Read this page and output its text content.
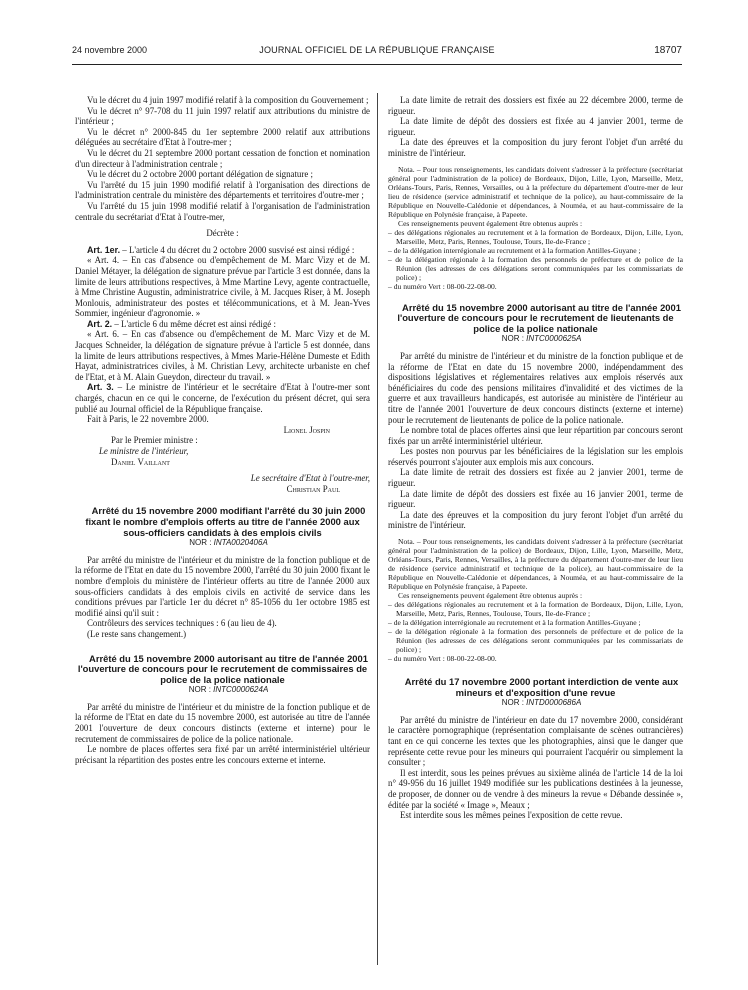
24 novembre 2000	JOURNAL OFFICIEL DE LA RÉPUBLIQUE FRANÇAISE	18707

Vu le décret du 4 juin 1997 modifié relatif à la composition du Gouvernement ;

Vu le décret n° 97-708 du 11 juin 1997 relatif aux attributions du ministre de l'intérieur ;

Vu le décret n° 2000-845 du 1er septembre 2000 relatif aux attributions déléguées au secrétaire d'Etat à l'outre-mer ;

Vu le décret du 21 septembre 2000 portant cessation de fonction et nomination d'un directeur à l'administration centrale ;

Vu le décret du 2 octobre 2000 portant délégation de signature ;

Vu l'arrêté du 15 juin 1990 modifié relatif à l'organisation des directions de l'administration centrale du ministère des départements et territoires d'outre-mer ;

Vu l'arrêté du 15 juin 1998 modifié relatif à l'organisation de l'administration centrale du secrétariat d'Etat à l'outre-mer,

Décrète :

Art. 1er. – L'article 4 du décret du 2 octobre 2000 susvisé est ainsi rédigé :

« Art. 4. – En cas d'absence ou d'empêchement de M. Marc Vizy et de M. Daniel Métayer, la délégation de signature prévue par l'article 3 est donnée, dans la limite de leurs attributions respectives, à Mme Martine Levy, agente contractuelle, à Mme Christine Augustin, administratrice civile, à M. Jacques Riser, à M. Joseph Monlouis, administrateur des postes et télécommunications, et à M. Jean-Yves Sommier, ingénieur d'agronomie. »

Art. 2. – L'article 6 du même décret est ainsi rédigé :

« Art. 6. – En cas d'absence ou d'empêchement de M. Marc Vizy et de M. Jacques Schneider, la délégation de signature prévue à l'article 5 est donnée, dans la limite de leurs attributions respectives, à Mmes Marie-Hélène Dumeste et Edith Hayat, administratrices civiles, à M. Christian Levy, architecte urbaniste en chef de l'Etat, et à M. Alain Gueydon, directeur du travail. »

Art. 3. – Le ministre de l'intérieur et le secrétaire d'Etat à l'outre-mer sont chargés, chacun en ce qui le concerne, de l'exécution du présent décret, qui sera publié au Journal officiel de la République française.

Fait à Paris, le 22 novembre 2000.

Lionel Jospin

Par le Premier ministre :

Le ministre de l'intérieur,

Daniel Vaillant

Le secrétaire d'Etat à l'outre-mer,

Christian Paul

Arrêté du 15 novembre 2000 modifiant l'arrêté du 30 juin 2000 fixant le nombre d'emplois offerts au titre de l'année 2000 aux sous-officiers candidats à des emplois civils

NOR : INTA0020406A

Par arrêté du ministre de l'intérieur et du ministre de la fonction publique et de la réforme de l'Etat en date du 15 novembre 2000, l'arrêté du 30 juin 2000 fixant le nombre d'emplois du ministère de l'intérieur offerts au titre de l'année 2000 aux sous-officiers candidats à des emplois civils en activité de service dans les conditions prévues par l'article 1er du décret n° 85-1056 du 1er octobre 1985 est modifié ainsi qu'il suit :

Contrôleurs des services techniques : 6 (au lieu de 4).

(Le reste sans changement.)

Arrêté du 15 novembre 2000 autorisant au titre de l'année 2001 l'ouverture de concours pour le recrutement de commissaires de police de la police nationale

NOR : INTC0000624A

Par arrêté du ministre de l'intérieur et du ministre de la fonction publique et de la réforme de l'Etat en date du 15 novembre 2000, est autorisée au titre de l'année 2001 l'ouverture de deux concours distincts (externe et interne) pour le recrutement de commissaires de police de la police nationale.

Le nombre de places offertes sera fixé par un arrêté interministériel ultérieur précisant la répartition des postes entre les concours externe et interne.

La date limite de retrait des dossiers est fixée au 22 décembre 2000, terme de rigueur.

La date limite de dépôt des dossiers est fixée au 4 janvier 2001, terme de rigueur.

La date des épreuves et la composition du jury feront l'objet d'un arrêté du ministre de l'intérieur.

Nota. – Pour tous renseignements, les candidats doivent s'adresser à la préfecture (secrétariat général pour l'administration de la police) de Bordeaux, Dijon, Lille, Lyon, Marseille, Metz, Orléans-Tours, Paris, Rennes, Versailles, ou à la préfecture du département d'outre-mer de leur lieu de résidence (service administratif et technique de la police), au haut-commissaire de la République en Nouvelle-Calédonie et dépendances, à Nouméa, et au haut-commissaire de la République en Polynésie française, à Papeete.

Ces renseignements peuvent également être obtenus auprès :

– des délégations régionales au recrutement et à la formation de Bordeaux, Dijon, Lille, Lyon, Marseille, Metz, Paris, Rennes, Toulouse, Tours, Ile-de-France ;

– de la délégation interrégionale au recrutement et à la formation Antilles-Guyane ;

– de la délégation régionale à la formation des personnels de préfecture et de police de la Réunion (les adresses de ces délégations seront communiquées par les commissariats de police) ;

– du numéro Vert : 08-00-22-08-00.

Arrêté du 15 novembre 2000 autorisant au titre de l'année 2001 l'ouverture de concours pour le recrutement de lieutenants de police de la police nationale

NOR : INTC0000625A

Par arrêté du ministre de l'intérieur et du ministre de la fonction publique et de la réforme de l'Etat en date du 15 novembre 2000, indépendamment des dispositions législatives et réglementaires relatives aux emplois réservés aux bénéficiaires du code des pensions militaires d'invalidité et des victimes de la guerre et aux travailleurs handicapés, est autorisée au ministère de l'intérieur au titre de l'année 2001 l'ouverture de deux concours distincts (externe et interne) pour le recrutement de lieutenants de police de la police nationale.

Le nombre total de places offertes ainsi que leur répartition par concours seront fixés par un arrêté interministériel ultérieur.

Les postes non pourvus par les bénéficiaires de la législation sur les emplois réservés pourront s'ajouter aux emplois mis aux concours.

La date limite de retrait des dossiers est fixée au 2 janvier 2001, terme de rigueur.

La date limite de dépôt des dossiers est fixée au 16 janvier 2001, terme de rigueur.

La date des épreuves et la composition du jury feront l'objet d'un arrêté du ministre de l'intérieur.

Nota. – Pour tous renseignements, les candidats doivent s'adresser à la préfecture (secrétariat général pour l'administration de la police) de Bordeaux, Dijon, Lille, Lyon, Marseille, Metz, Orléans-Tours, Paris, Rennes, Versailles, à la préfecture du département d'outre-mer de leur lieu de résidence (service administratif et technique de la police), au haut-commissaire de la République en Nouvelle-Calédonie et dépendances, à Nouméa, et au haut-commissaire de la République en Polynésie française, à Papeete.

Ces renseignements peuvent également être obtenus auprès :

– des délégations régionales au recrutement et à la formation de Bordeaux, Dijon, Lille, Lyon, Marseille, Metz, Paris, Rennes, Toulouse, Tours, Ile-de-France ;

– de la délégation interrégionale au recrutement et à la formation Antilles-Guyane ;

– de la délégation régionale à la formation des personnels de préfecture et de police de la Réunion (les adresses de ces délégations seront communiquées par les commissariats de police) ;

– du numéro Vert : 08-00-22-08-00.

Arrêté du 17 novembre 2000 portant interdiction de vente aux mineurs et d'exposition d'une revue

NOR : INTD0000686A

Par arrêté du ministre de l'intérieur en date du 17 novembre 2000, considérant le caractère pornographique (représentation complaisante de scènes outrancières) tant en ce qui concerne les textes que les photographies, ainsi que le danger que représente cette revue pour les mineurs qui pourraient l'acquérir ou simplement la consulter ;

Il est interdit, sous les peines prévues au sixième alinéa de l'article 14 de la loi n° 49-956 du 16 juillet 1949 modifiée sur les publications destinées à la jeunesse, de proposer, de donner ou de vendre à des mineurs la revue « Débande dessinée », éditée par la société « Image », Meaux ;

Est interdite sous les mêmes peines l'exposition de cette revue.
